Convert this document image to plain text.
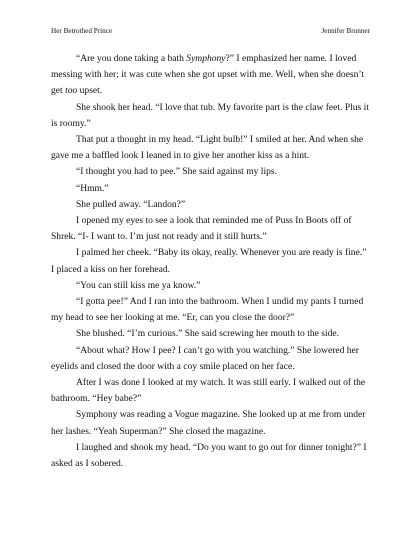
Her Betrothed Prince	Jennifer Brunner

“Are you done taking a bath Symphony?” I emphasized her name. I loved messing with her; it was cute when she got upset with me. Well, when she doesn’t get too upset.

She shook her head. “I love that tub. My favorite part is the claw feet. Plus it is roomy.”

That put a thought in my head. “Light bulb!” I smiled at her. And when she gave me a baffled look I leaned in to give her another kiss as a hint.

“I thought you had to pee.” She said against my lips.

“Hmm.”

She pulled away. “Landon?”

I opened my eyes to see a look that reminded me of Puss In Boots off of Shrek. “I- I want to. I’m just not ready and it still hurts.”

I palmed her cheek. “Baby its okay, really. Whenever you are ready is fine.” I placed a kiss on her forehead.

“You can still kiss me ya know.”

“I gotta pee!” And I ran into the bathroom. When I undid my pants I turned my head to see her looking at me. “Er, can you close the door?”

She blushed. “I’m curious.” She said screwing her mouth to the side.

“About what? How I pee? I can’t go with you watching.” She lowered her eyelids and closed the door with a coy smile placed on her face.

After I was done I looked at my watch. It was still early. I walked out of the bathroom. “Hey babe?”

Symphony was reading a Vogue magazine. She looked up at me from under her lashes. “Yeah Superman?” She closed the magazine.

I laughed and shook my head. “Do you want to go out for dinner tonight?” I asked as I sobered.
